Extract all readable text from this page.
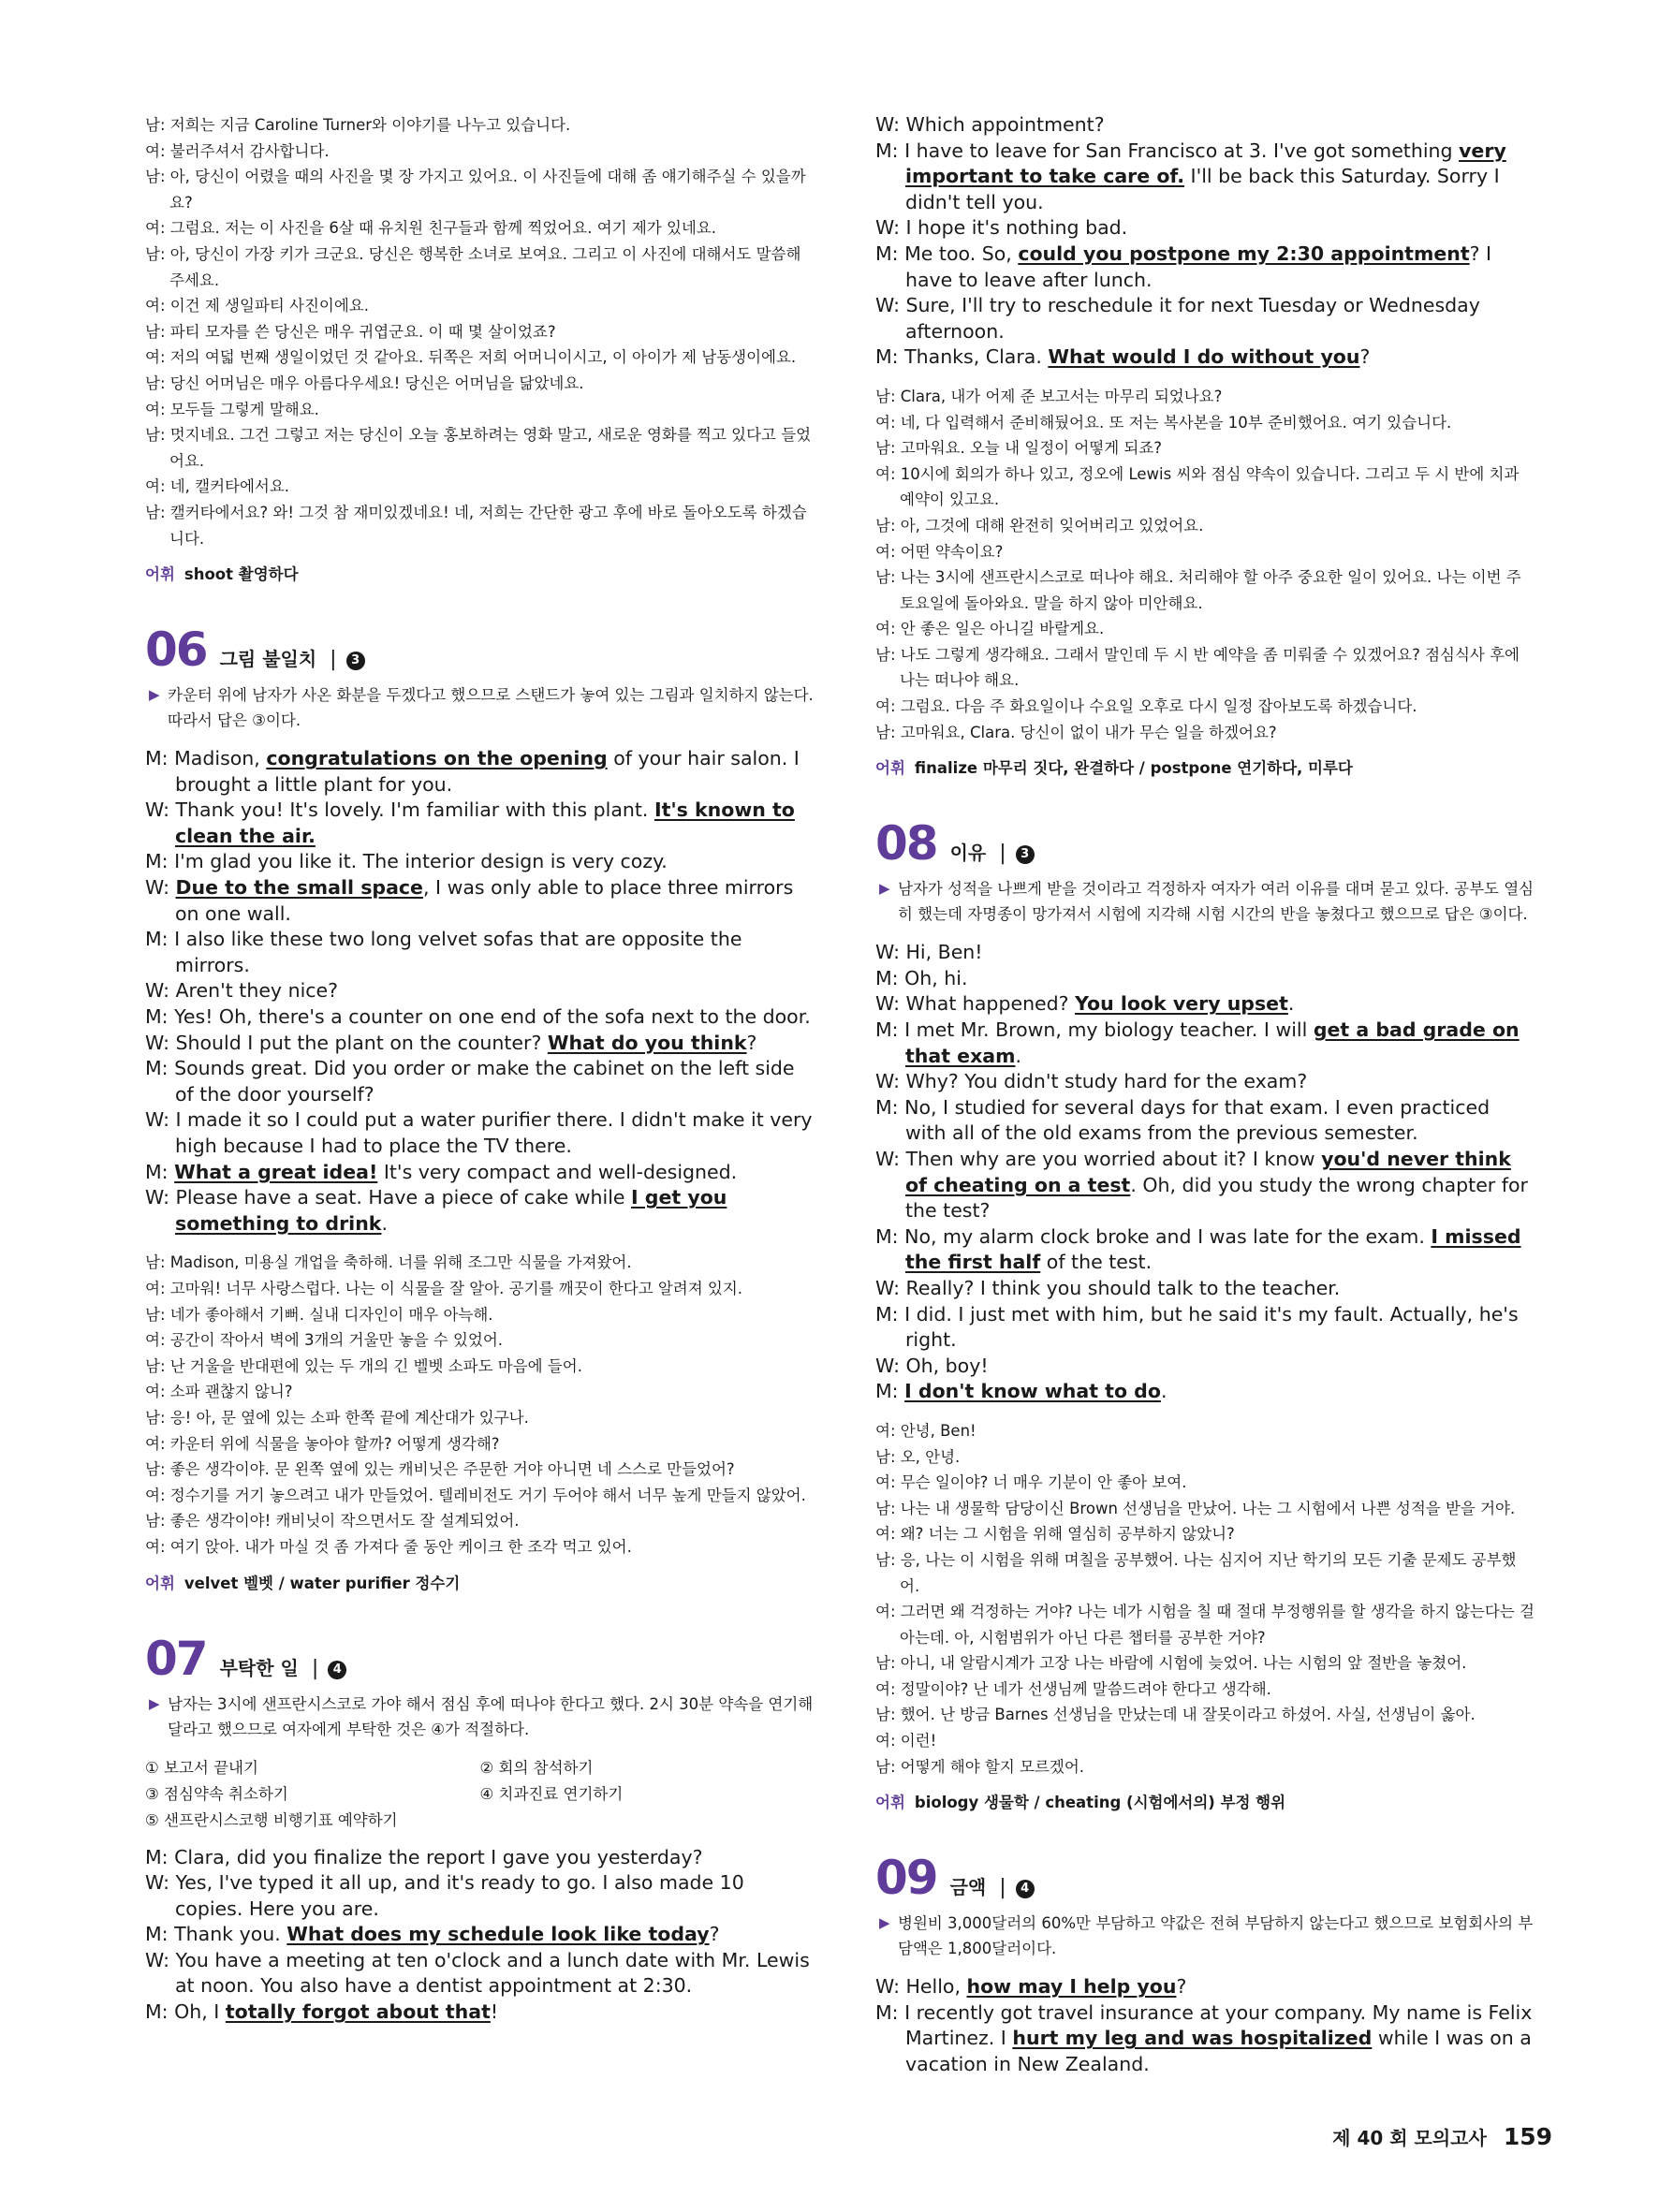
남: 저희는 지금 Caroline Turner와 이야기를 나누고 있습니다.
여: 불러주셔서 감사합니다.
남: 아, 당신이 어렸을 때의 사진을 몇 장 가지고 있어요. 이 사진들에 대해 좀 얘기해주실 수 있을까요?
여: 그럼요. 저는 이 사진을 6살 때 유치원 친구들과 함께 찍었어요. 여기 제가 있네요.
남: 아, 당신이 가장 키가 크군요. 당신은 행복한 소녀로 보여요. 그리고 이 사진에 대해서도 말씀해 주세요.
여: 이건 제 생일파티 사진이에요.
남: 파티 모자를 쓴 당신은 매우 귀엽군요. 이 때 몇 살이었죠?
여: 저의 여덟 번째 생일이었던 것 같아요. 뒤쪽은 저희 어머니이시고, 이 아이가 제 남동생이에요.
남: 당신 어머님은 매우 아름다우세요! 당신은 어머님을 닮았네요.
여: 모두들 그렇게 말해요.
남: 멋지네요. 그건 그렇고 저는 당신이 오늘 홍보하려는 영화 말고, 새로운 영화를 찍고 있다고 들었어요.
여: 네, 캘커타에서요.
남: 캘커타에서요? 와! 그것 참 재미있겠네요! 네, 저희는 간단한 광고 후에 바로 돌아오도록 하겠습니다.
어휘 shoot 촬영하다
06 그림 불일치 |	3
▶ 카운터 위에 남자가 사온 화분을 두겠다고 했으므로 스탠드가 놓여 있는 그림과 일치하지 않는다. 따라서 답은 ③이다.
M: Madison, congratulations on the opening of your hair salon. I brought a little plant for you.
W: Thank you! It's lovely. I'm familiar with this plant. It's known to clean the air.
M: I'm glad you like it. The interior design is very cozy.
W: Due to the small space, I was only able to place three mirrors on one wall.
M: I also like these two long velvet sofas that are opposite the mirrors.
W: Aren't they nice?
M: Yes! Oh, there's a counter on one end of the sofa next to the door.
W: Should I put the plant on the counter? What do you think?
M: Sounds great. Did you order or make the cabinet on the left side of the door yourself?
W: I made it so I could put a water purifier there. I didn't make it very high because I had to place the TV there.
M: What a great idea! It's very compact and well-designed.
W: Please have a seat. Have a piece of cake while I get you something to drink.
남: Madison, 미용실 개업을 축하해. 너를 위해 조그만 식물을 가져왔어.
여: 고마워! 너무 사랑스럽다. 나는 이 식물을 잘 알아. 공기를 깨끗이 한다고 알려져 있지.
남: 네가 좋아해서 기뻐. 실내 디자인이 매우 아늑해.
여: 공간이 작아서 벽에 3개의 거울만 놓을 수 있었어.
남: 난 거울을 반대편에 있는 두 개의 긴 벨벳 소파도 마음에 들어.
여: 소파 괜찮지 않니?
남: 응! 아, 문 옆에 있는 소파 한쪽 끝에 계산대가 있구나.
여: 카운터 위에 식물을 놓아야 할까? 어떻게 생각해?
남: 좋은 생각이야. 문 왼쪽 옆에 있는 캐비닛은 주문한 거야 아니면 네 스스로 만들었어?
여: 정수기를 거기 놓으려고 내가 만들었어. 텔레비전도 거기 두어야 해서 너무 높게 만들지 않았어.
남: 좋은 생각이야! 캐비닛이 작으면서도 잘 설계되었어.
여: 여기 앉아. 내가 마실 것 좀 가져다 줄 동안 케이크 한 조각 먹고 있어.
어휘 velvet 벨벳 / water purifier 정수기
07 부탁한 일 |	4
▶ 남자는 3시에 샌프란시스코로 가야 해서 점심 후에 떠나야 한다고 했다. 2시 30분 약속을 연기해 달라고 했으므로 여자에게 부탁한 것은 ④가 적절하다.
① 보고서 끝내기	② 회의 참석하기
③ 점심약속 취소하기	④ 치과진료 연기하기
⑤ 샌프란시스코행 비행기표 예약하기
M: Clara, did you finalize the report I gave you yesterday?
W: Yes, I've typed it all up, and it's ready to go. I also made 10 copies. Here you are.
M: Thank you. What does my schedule look like today?
W: You have a meeting at ten o'clock and a lunch date with Mr. Lewis at noon. You also have a dentist appointment at 2:30.
M: Oh, I totally forgot about that!
W: Which appointment?
M: I have to leave for San Francisco at 3. I've got something very important to take care of. I'll be back this Saturday. Sorry I didn't tell you.
W: I hope it's nothing bad.
M: Me too. So, could you postpone my 2:30 appointment? I have to leave after lunch.
W: Sure, I'll try to reschedule it for next Tuesday or Wednesday afternoon.
M: Thanks, Clara. What would I do without you?
남: Clara, 내가 어제 준 보고서는 마무리 되었나요?
여: 네, 다 입력해서 준비해뒀어요. 또 저는 복사본을 10부 준비했어요. 여기 있습니다.
남: 고마워요. 오늘 내 일정이 어떻게 되죠?
여: 10시에 회의가 하나 있고, 정오에 Lewis 씨와 점심 약속이 있습니다. 그리고 두 시 반에 치과 예약이 있고요.
남: 아, 그것에 대해 완전히 잊어버리고 있었어요.
여: 어떤 약속이요?
남: 나는 3시에 샌프란시스코로 떠나야 해요. 처리해야 할 아주 중요한 일이 있어요. 나는 이번 주 토요일에 돌아와요. 말을 하지 않아 미안해요.
여: 안 좋은 일은 아니길 바랄게요.
남: 나도 그렇게 생각해요. 그래서 말인데 두 시 반 예약을 좀 미뤄줄 수 있겠어요? 점심식사 후에 나는 떠나야 해요.
여: 그럼요. 다음 주 화요일이나 수요일 오후로 다시 일정 잡아보도록 하겠습니다.
남: 고마워요, Clara. 당신이 없이 내가 무슨 일을 하겠어요?
어휘 finalize 마무리 짓다, 완결하다 / postpone 연기하다, 미루다
08 이유 |	3
▶ 남자가 성적을 나쁘게 받을 것이라고 걱정하자 여자가 여러 이유를 대며 묻고 있다. 공부도 열심히 했는데 자명종이 망가져서 시험에 지각해 시험 시간의 반을 놓쳤다고 했으므로 답은 ③이다.
W: Hi, Ben!
M: Oh, hi.
W: What happened? You look very upset.
M: I met Mr. Brown, my biology teacher. I will get a bad grade on that exam.
W: Why? You didn't study hard for the exam?
M: No, I studied for several days for that exam. I even practiced with all of the old exams from the previous semester.
W: Then why are you worried about it? I know you'd never think of cheating on a test. Oh, did you study the wrong chapter for the test?
M: No, my alarm clock broke and I was late for the exam. I missed the first half of the test.
W: Really? I think you should talk to the teacher.
M: I did. I just met with him, but he said it's my fault. Actually, he's right.
W: Oh, boy!
M: I don't know what to do.
여: 안녕, Ben!
남: 오, 안녕.
여: 무슨 일이야? 너 매우 기분이 안 좋아 보여.
남: 나는 내 생물학 담당이신 Brown 선생님을 만났어. 나는 그 시험에서 나쁜 성적을 받을 거야.
여: 왜? 너는 그 시험을 위해 열심히 공부하지 않았니?
남: 응, 나는 이 시험을 위해 며칠을 공부했어. 나는 심지어 지난 학기의 모든 기출 문제도 공부했어.
여: 그러면 왜 걱정하는 거야? 나는 네가 시험을 칠 때 절대 부정행위를 할 생각을 하지 않는다는 걸 아는데. 아, 시험범위가 아닌 다른 챕터를 공부한 거야?
남: 아니, 내 알람시계가 고장 나는 바람에 시험에 늦었어. 나는 시험의 앞 절반을 놓쳤어.
여: 정말이야? 난 네가 선생님께 말씀드려야 한다고 생각해.
남: 했어. 난 방금 Barnes 선생님을 만났는데 내 잘못이라고 하셨어. 사실, 선생님이 옳아.
여: 이런!
남: 어떻게 해야 할지 모르겠어.
어휘 biology 생물학 / cheating (시험에서의) 부정 행위
09 금액 |	4
▶ 병원비 3,000달러의 60%만 부담하고 약값은 전혀 부담하지 않는다고 했으므로 보험회사의 부담액은 1,800달러이다.
W: Hello, how may I help you?
M: I recently got travel insurance at your company. My name is Felix Martinez. I hurt my leg and was hospitalized while I was on a vacation in New Zealand.
제 40 회 모의고사 159
